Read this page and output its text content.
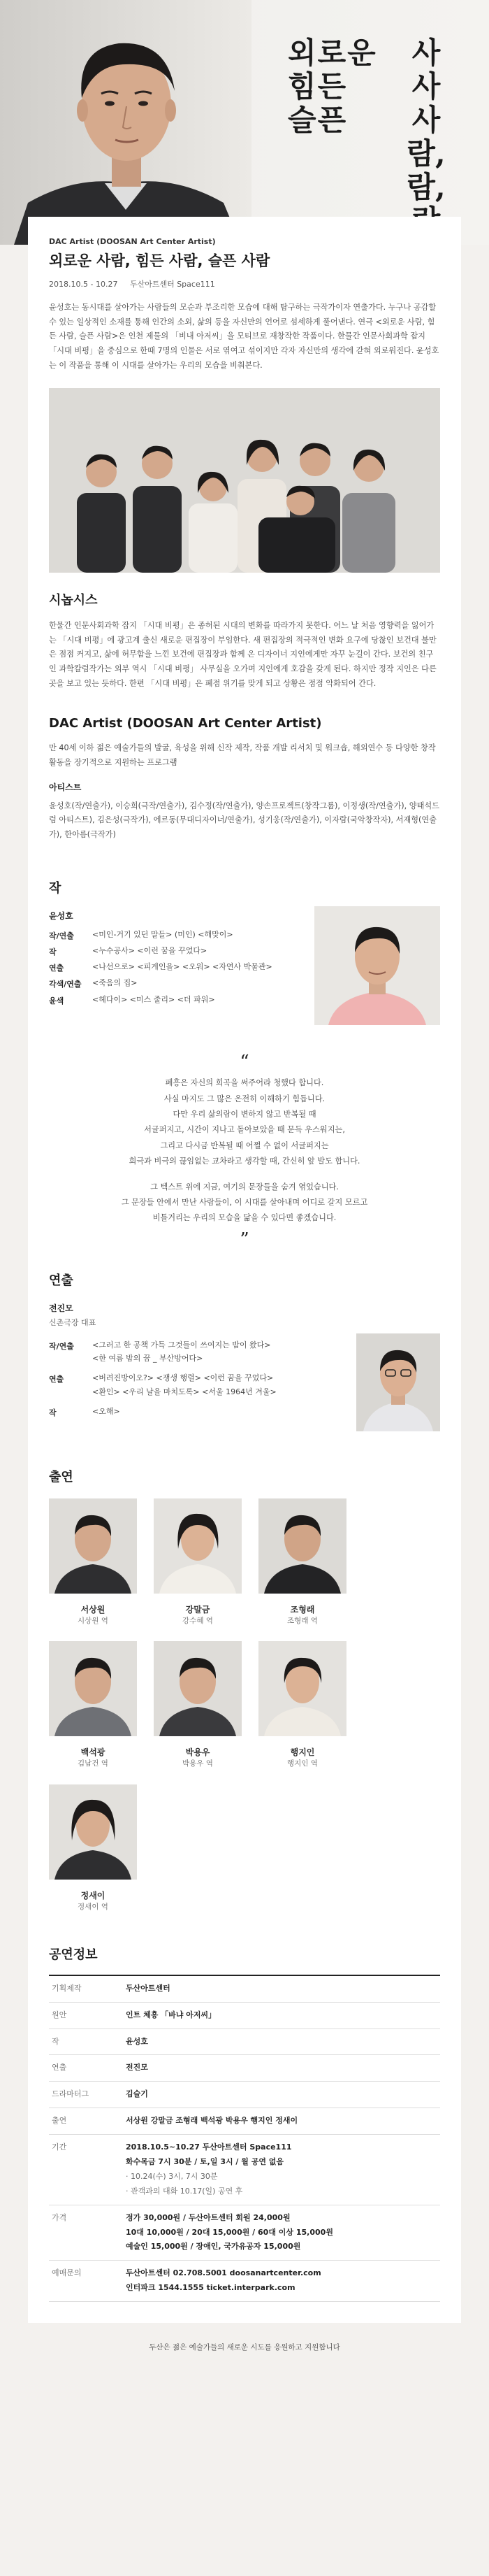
외로운
힘든
슬픈
사
사
사람,
람,
DAC Artist (DOOSAN Art Center Artist)
외로운 사람, 힘든 사람, 슬픈 사람
2018.10.5 - 10.27 두산아트센터 Space111

윤성호는 동시대를 살아가는 사람들의 모순과 부조리한 모습에 대해 탐구하는 극작가이자 연출가다. 누구나 공감할 수 있는 일상적인 소재를 통해 인간의 소외, 삶의 등을 자신만의 언어로 섬세하게 풀어낸다. 연극 <외로운 사람, 힘든 사람, 슬픈 사람>은 인천 제물의 「비내 아저씨」을 모티브로 재창작한 작품이다. 한물간 인문사회과학 잡지 「시대 비평」을 중심으로 한때 7명의 인물은 서로 엮여고 섞이지만 각자 자신만의 생각에 갇혀 외로워진다. 윤성호는 이 작품을 통해 이 시대를 살아가는 우리의 모습을 비춰본다.

시놉시스

한물간 인문사회과학 잡지 「시대 비평」은 종허된 시대의 변화를 따라가지 못한다. 어느 날 처음 영향력을 잃어가는 「시대 비평」에 광고계 출신 새로운 편집장이 부임한다. 새 편집장의 적극적인 변화 요구에 당찮인 보건대 불만은 점점 커지고, 삶에 허무함을 느낀 보건에 편집장과 함께 온 디자이너 지인에게만 자꾸 눈길이 간다. 보건의 친구인 과학칼럼작가는 외부 역시 「시대 비평」 사무실을 오가며 지인에게 호감을 갖게 된다. 하지만 정작 지인은 다른 곳을 보고 있는 듯하다. 한편 「시대 비평」은 폐점 위기를 맞게 되고 상황은 점점 악화되어 간다.

DAC Artist (DOOSAN Art Center Artist)

만 40세 이하 젊은 예술가들의 발굴, 육성을 위해 신작 제작, 작품 개발 리서치 및 워크숍, 해외연수 등 다양한 창작활동을 장기적으로 지원하는 프로그램

아티스트

윤성호(작/연출가), 이승희(극작/연출가), 김수정(작/연출가), 양손프로젝트(창작그룹), 이정생(작/연출가), 양태석드럼 아티스트), 김은성(극작가), 에르동(무대디자이너/연출가), 성기웅(작/연출가), 이자람(국악창작자), 서재형(연출가), 한아름(극작가)

작
윤성호
작/연출	<미인-거기 있던 말들> (미인) <해맞이>
작	<누수공사> <이런 꿈을 꾸었다>
연출	<나선으로> <피게인을> <오워> <자연사 박물관>
각색/연출	<죽음의 집>
윤색	<헤다이> <미스 줄리> <더 파워>
“
폐흥은 자신의 희곡을 써주어라 청했다 합니다.
사실 마지도 그 많은 온전히 이해하기 힘듭니다.
다만 우리 삶의람이 변하지 않고 반복될 때
서글퍼지고, 시간이 지나고 돌아보았을 때 문득 우스워지는,
그리고 다시금 반복될 때 어쩔 수 없이 서글퍼지는
희극과 비극의 끊임없는 교차라고 생각할 때, 간신히 앞 발도 합니다.
그 텍스트 위에 지금, 여기의 문장들을 숨겨 엮었습니다.
그 문장들 안에서 만난 사람들이, 이 시대를 살아내며 어디로 갈지 모르고
비틀거리는 우리의 모습을 닮을 수 있다면 좋겠습니다.
”
연출
전진모
신촌극장 대표
작/연출	<그러고 한 공책 가득 그것들이 쓰여지는 밤이 왔다>
<한 여름 밤의 꿈 _ 부산방어다>
연출	<버려진방이오?> <쟁생 행렬> <이런 꿈을 꾸었다>
<환인> <우리 날을 마치도록> <서울 1964년 겨울>
작	<오해>
출연
서상원
시상원 역
강말금
강수혜 역
조형래
조형래 역
백석광
김남건 역
박용우
박용우 역
행지인
행지인 역
정새이
정새이 역
공연정보
기획제작	두산아트센터
원안	인트 체흥 「바냐 아저씨」
작	윤성호
연출	전진모
드라마터그	김슬기
출연	서상원 강말금 조형래 백석광 박용우 행지인 정새이
기간	2018.10.5~10.27 두산아트센터 Space111
화수목금 7시 30분 / 토,일 3시 / 월 공연 없음
· 10.24(수) 3시, 7시 30분
· 관객과의 대화 10.17(일) 공연 후
가격	정가 30,000원 / 두산아트센터 회원 24,000원
10대 10,000원 / 20대 15,000원 / 60대 이상 15,000원
예술인 15,000원 / 장애인, 국가유공자 15,000원
예매문의	두산아트센터 02.708.5001 doosanartcenter.com
인터파크 1544.1555 ticket.interpark.com
두산은 젊은 예술가들의 새로운 시도를 응원하고 지원합니다
